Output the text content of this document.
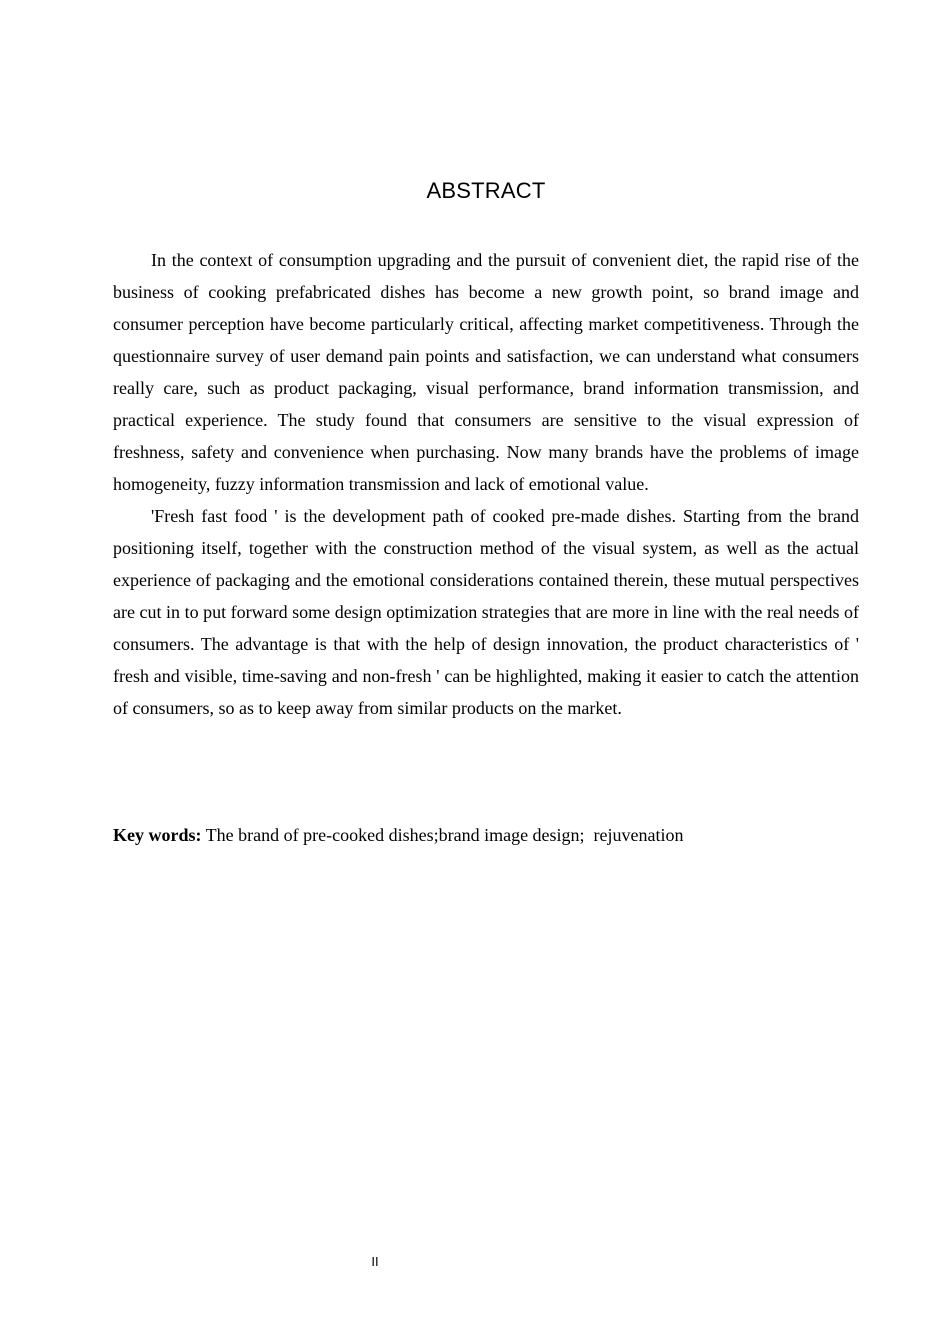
ABSTRACT

In the context of consumption upgrading and the pursuit of convenient diet, the rapid rise of the business of cooking prefabricated dishes has become a new growth point, so brand image and consumer perception have become particularly critical, affecting market competitiveness. Through the questionnaire survey of user demand pain points and satisfaction, we can understand what consumers really care, such as product packaging, visual performance, brand information transmission, and practical experience. The study found that consumers are sensitive to the visual expression of freshness, safety and convenience when purchasing. Now many brands have the problems of image homogeneity, fuzzy information transmission and lack of emotional value.

'Fresh fast food ' is the development path of cooked pre-made dishes. Starting from the brand positioning itself, together with the construction method of the visual system, as well as the actual experience of packaging and the emotional considerations contained therein, these mutual perspectives are cut in to put forward some design optimization strategies that are more in line with the real needs of consumers. The advantage is that with the help of design innovation, the product characteristics of ' fresh and visible, time-saving and non-fresh ' can be highlighted, making it easier to catch the attention of consumers, so as to keep away from similar products on the market.

Key words: The brand of pre-cooked dishes;brand image design;  rejuvenation

II
